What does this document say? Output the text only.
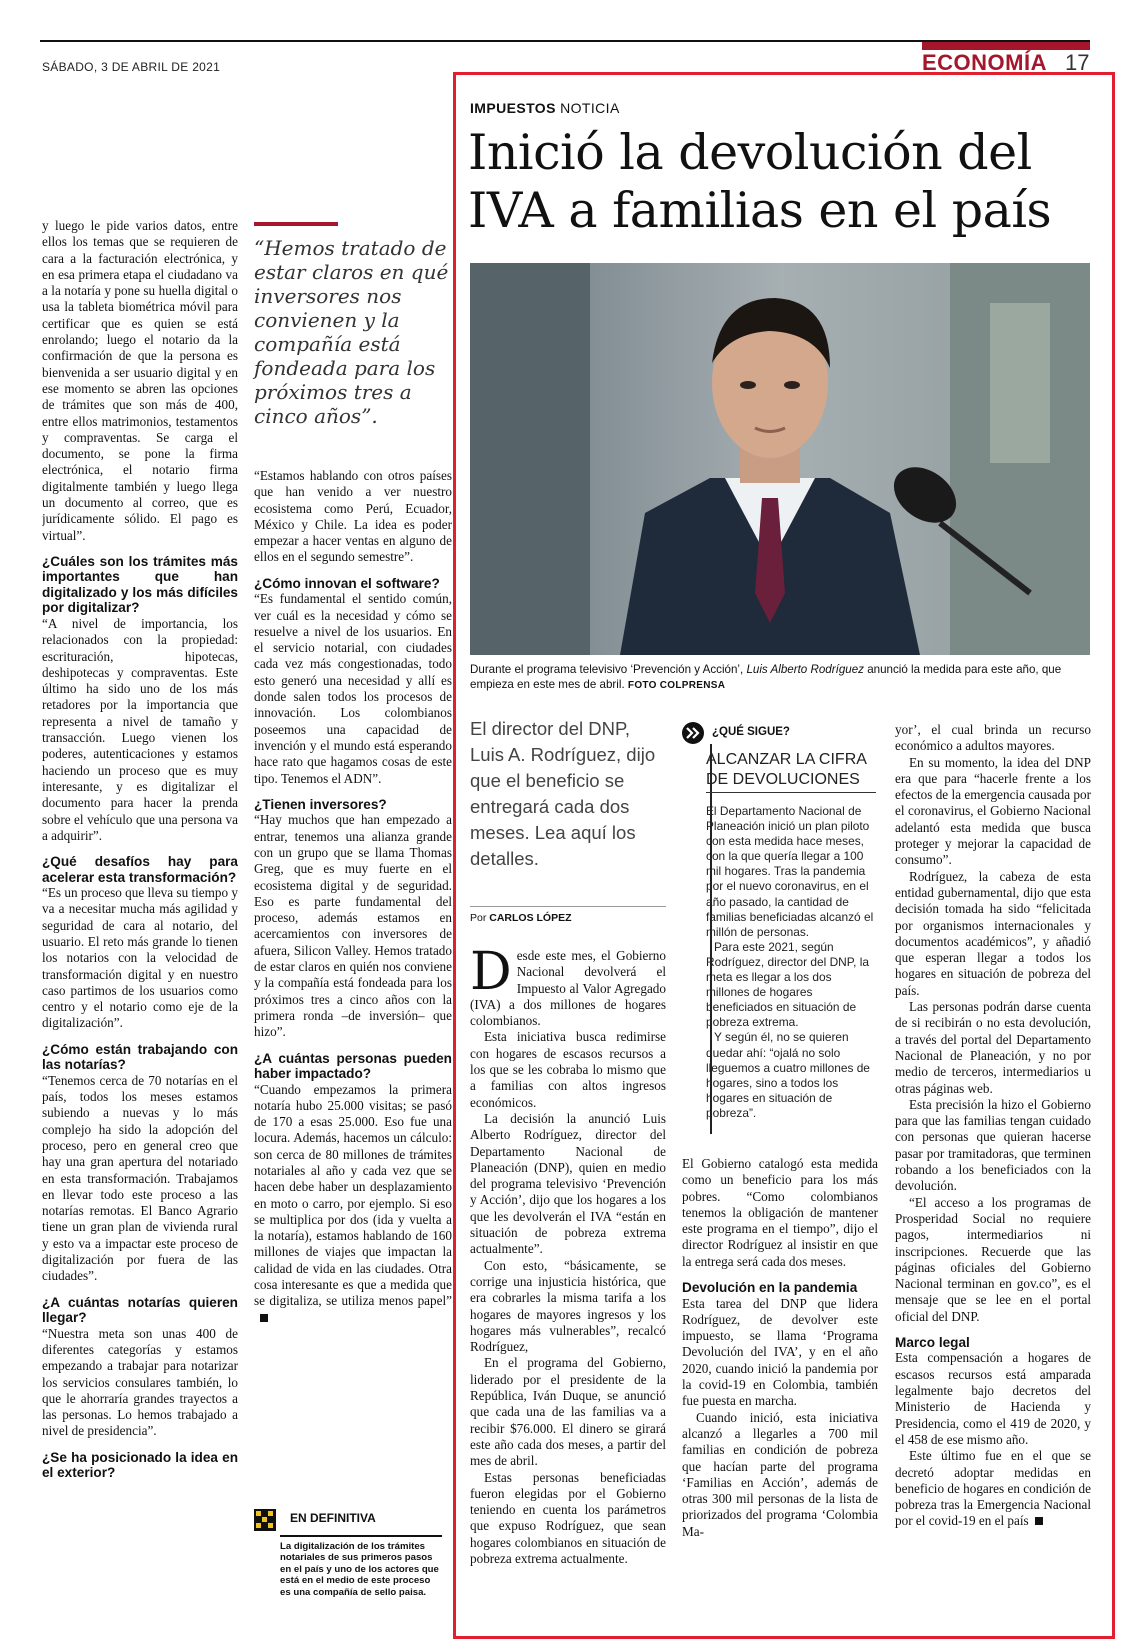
SÁBADO, 3 DE ABRIL DE 2021	ECONOMÍA 17

y luego le pide varios datos, entre ellos los temas que se requieren de cara a la facturación electrónica, y en esa primera etapa el ciudadano va a la notaría y pone su huella digital o usa la tableta biométrica móvil para certificar que es quien se está enrolando; luego el notario da la confirmación de que la persona es bienvenida a ser usuario digital y en ese momento se abren las opciones de trámites que son más de 400, entre ellos matrimonios, testamentos y compraventas. Se carga el documento, se pone la firma electrónica, el notario firma digitalmente también y luego llega un documento al correo, que es jurídicamente sólido. El pago es virtual”.

¿Cuáles son los trámites más importantes que han digitalizado y los más difíciles por digitalizar?

“A nivel de importancia, los relacionados con la propiedad: escrituración, hipotecas, deshipotecas y compraventas. Este último ha sido uno de los más retadores por la importancia que representa a nivel de tamaño y transacción. Luego vienen los poderes, autenticaciones y estamos haciendo un proceso que es muy interesante, y es digitalizar el documento para hacer la prenda sobre el vehículo que una persona va a adquirir”.

¿Qué desafíos hay para acelerar esta transformación?

“Es un proceso que lleva su tiempo y va a necesitar mucha más agilidad y seguridad de cara al notario, del usuario. El reto más grande lo tienen los notarios con la velocidad de transformación digital y en nuestro caso partimos de los usuarios como centro y el notario como eje de la digitalización”.

¿Cómo están trabajando con las notarías?

“Tenemos cerca de 70 notarías en el país, todos los meses estamos subiendo a nuevas y lo más complejo ha sido la adopción del proceso, pero en general creo que hay una gran apertura del notariado en esta transformación. Trabajamos en llevar todo este proceso a las notarías remotas. El Banco Agrario tiene un gran plan de vivienda rural y esto va a impactar este proceso de digitalización por fuera de las ciudades”.

¿A cuántas notarías quieren llegar?

“Nuestra meta son unas 400 de diferentes categorías y estamos empezando a trabajar para notarizar los servicios consulares también, lo que le ahorraría grandes trayectos a las personas. Lo hemos trabajado a nivel de presidencia”.

¿Se ha posicionado la idea en el exterior?
“Hemos tratado de estar claros en qué inversores nos convienen y la compañía está fondeada para los próximos tres a cinco años”.

“Estamos hablando con otros países que han venido a ver nuestro ecosistema como Perú, Ecuador, México y Chile. La idea es poder empezar a hacer ventas en alguno de ellos en el segundo semestre”.

¿Cómo innovan el software?

“Es fundamental el sentido común, ver cuál es la necesidad y cómo se resuelve a nivel de los usuarios. En el servicio notarial, con ciudades cada vez más congestionadas, todo esto generó una necesidad y allí es donde salen todos los procesos de innovación. Los colombianos poseemos una capacidad de invención y el mundo está esperando hace rato que hagamos cosas de este tipo. Tenemos el ADN”.

¿Tienen inversores?

“Hay muchos que han empezado a entrar, tenemos una alianza grande con un grupo que se llama Thomas Greg, que es muy fuerte en el ecosistema digital y de seguridad. Eso es parte fundamental del proceso, además estamos en acercamientos con inversores de afuera, Silicon Valley. Hemos tratado de estar claros en quién nos conviene y la compañía está fondeada para los próximos tres a cinco años con la primera ronda –de inversión– que hizo”.

¿A cuántas personas pueden haber impactado?

“Cuando empezamos la primera notaría hubo 25.000 visitas; se pasó de 170 a esas 25.000. Eso fue una locura. Además, hacemos un cálculo: son cerca de 80 millones de trámites notariales al año y cada vez que se hacen debe haber un desplazamiento en moto o carro, por ejemplo. Si eso se multiplica por dos (ida y vuelta a la notaría), estamos hablando de 160 millones de viajes que impactan la calidad de vida en las ciudades. Otra cosa interesante es que a medida que se digitaliza, se utiliza menos papel”

EN DEFINITIVA
La digitalización de los trámites notariales de sus primeros pasos en el país y uno de los actores que está en el medio de este proceso es una compañía de sello paisa.
IMPUESTOS NOTICIA
Inició la devolución del IVA a familias en el país
Durante el programa televisivo ‘Prevención y Acción’, Luis Alberto Rodríguez anunció la medida para este año, que empieza en este mes de abril. FOTO COLPRENSA
El director del DNP, Luis A. Rodríguez, dijo que el beneficio se entregará cada dos meses. Lea aquí los detalles.
Por CARLOS LÓPEZ

Desde este mes, el Gobierno Nacional devolverá el Impuesto al Valor Agregado (IVA) a dos millones de hogares colombianos.

Esta iniciativa busca redimirse con hogares de escasos recursos a los que se les cobraba lo mismo que a familias con altos ingresos económicos.

La decisión la anunció Luis Alberto Rodríguez, director del Departamento Nacional de Planeación (DNP), quien en medio del programa televisivo ‘Prevención y Acción’, dijo que los hogares a los que les devolverán el IVA “están en situación de pobreza extrema actualmente”.

Con esto, “básicamente, se corrige una injusticia histórica, que era cobrarles la misma tarifa a los hogares de mayores ingresos y los hogares más vulnerables”, recalcó Rodríguez,

En el programa del Gobierno, liderado por el presidente de la República, Iván Duque, se anunció que cada una de las familias va a recibir $76.000. El dinero se girará este año cada dos meses, a partir del mes de abril.

Estas personas beneficiadas fueron elegidas por el Gobierno teniendo en cuenta los parámetros que expuso Rodríguez, que sean hogares colombianos en situación de pobreza extrema actualmente.

¿QUÉ SIGUE?
ALCANZAR LA CIFRA DE DEVOLUCIONES

El Departamento Nacional de Planeación inició un plan piloto con esta medida hace meses, con la que quería llegar a 100 mil hogares. Tras la pandemia por el nuevo coronavirus, en el año pasado, la cantidad de familias beneficiadas alcanzó el millón de personas.

Para este 2021, según Rodríguez, director del DNP, la meta es llegar a los dos millones de hogares beneficiados en situación de pobreza extrema.

Y según él, no se quieren quedar ahí: “ojalá no solo lleguemos a cuatro millones de hogares, sino a todos los hogares en situación de pobreza”.

El Gobierno catalogó esta medida como un beneficio para los más pobres. “Como colombianos tenemos la obligación de mantener este programa en el tiempo”, dijo el director Rodríguez al insistir en que la entrega será cada dos meses.

Devolución en la pandemia

Esta tarea del DNP que lidera Rodríguez, de devolver este impuesto, se llama ‘Programa Devolución del IVA’, y en el año 2020, cuando inició la pandemia por la covid-19 en Colombia, también fue puesta en marcha.

Cuando inició, esta iniciativa alcanzó a llegarles a 700 mil familias en condición de pobreza que hacían parte del programa ‘Familias en Acción’, además de otras 300 mil personas de la lista de priorizados del programa ‘Colombia Ma-

yor’, el cual brinda un recurso económico a adultos mayores.

En su momento, la idea del DNP era que para “hacerle frente a los efectos de la emergencia causada por el coronavirus, el Gobierno Nacional adelantó esta medida que busca proteger y mejorar la capacidad de consumo”.

Rodríguez, la cabeza de esta entidad gubernamental, dijo que esta decisión tomada ha sido “felicitada por organismos internacionales y documentos académicos”, y añadió que esperan llegar a todos los hogares en situación de pobreza del país.

Las personas podrán darse cuenta de si recibirán o no esta devolución, a través del portal del Departamento Nacional de Planeación, y no por medio de terceros, intermediarios u otras páginas web.

Esta precisión la hizo el Gobierno para que las familias tengan cuidado con personas que quieran hacerse pasar por tramitadoras, que terminen robando a los beneficiados con la devolución.

“El acceso a los programas de Prosperidad Social no requiere pagos, intermediarios ni inscripciones. Recuerde que las páginas oficiales del Gobierno Nacional terminan en gov.co”, es el mensaje que se lee en el portal oficial del DNP.

Marco legal

Esta compensación a hogares de escasos recursos está amparada legalmente bajo decretos del Ministerio de Hacienda y Presidencia, como el 419 de 2020, y el 458 de ese mismo año.

Este último fue en el que se decretó adoptar medidas en beneficio de hogares en condición de pobreza tras la Emergencia Nacional por el covid-19 en el país
